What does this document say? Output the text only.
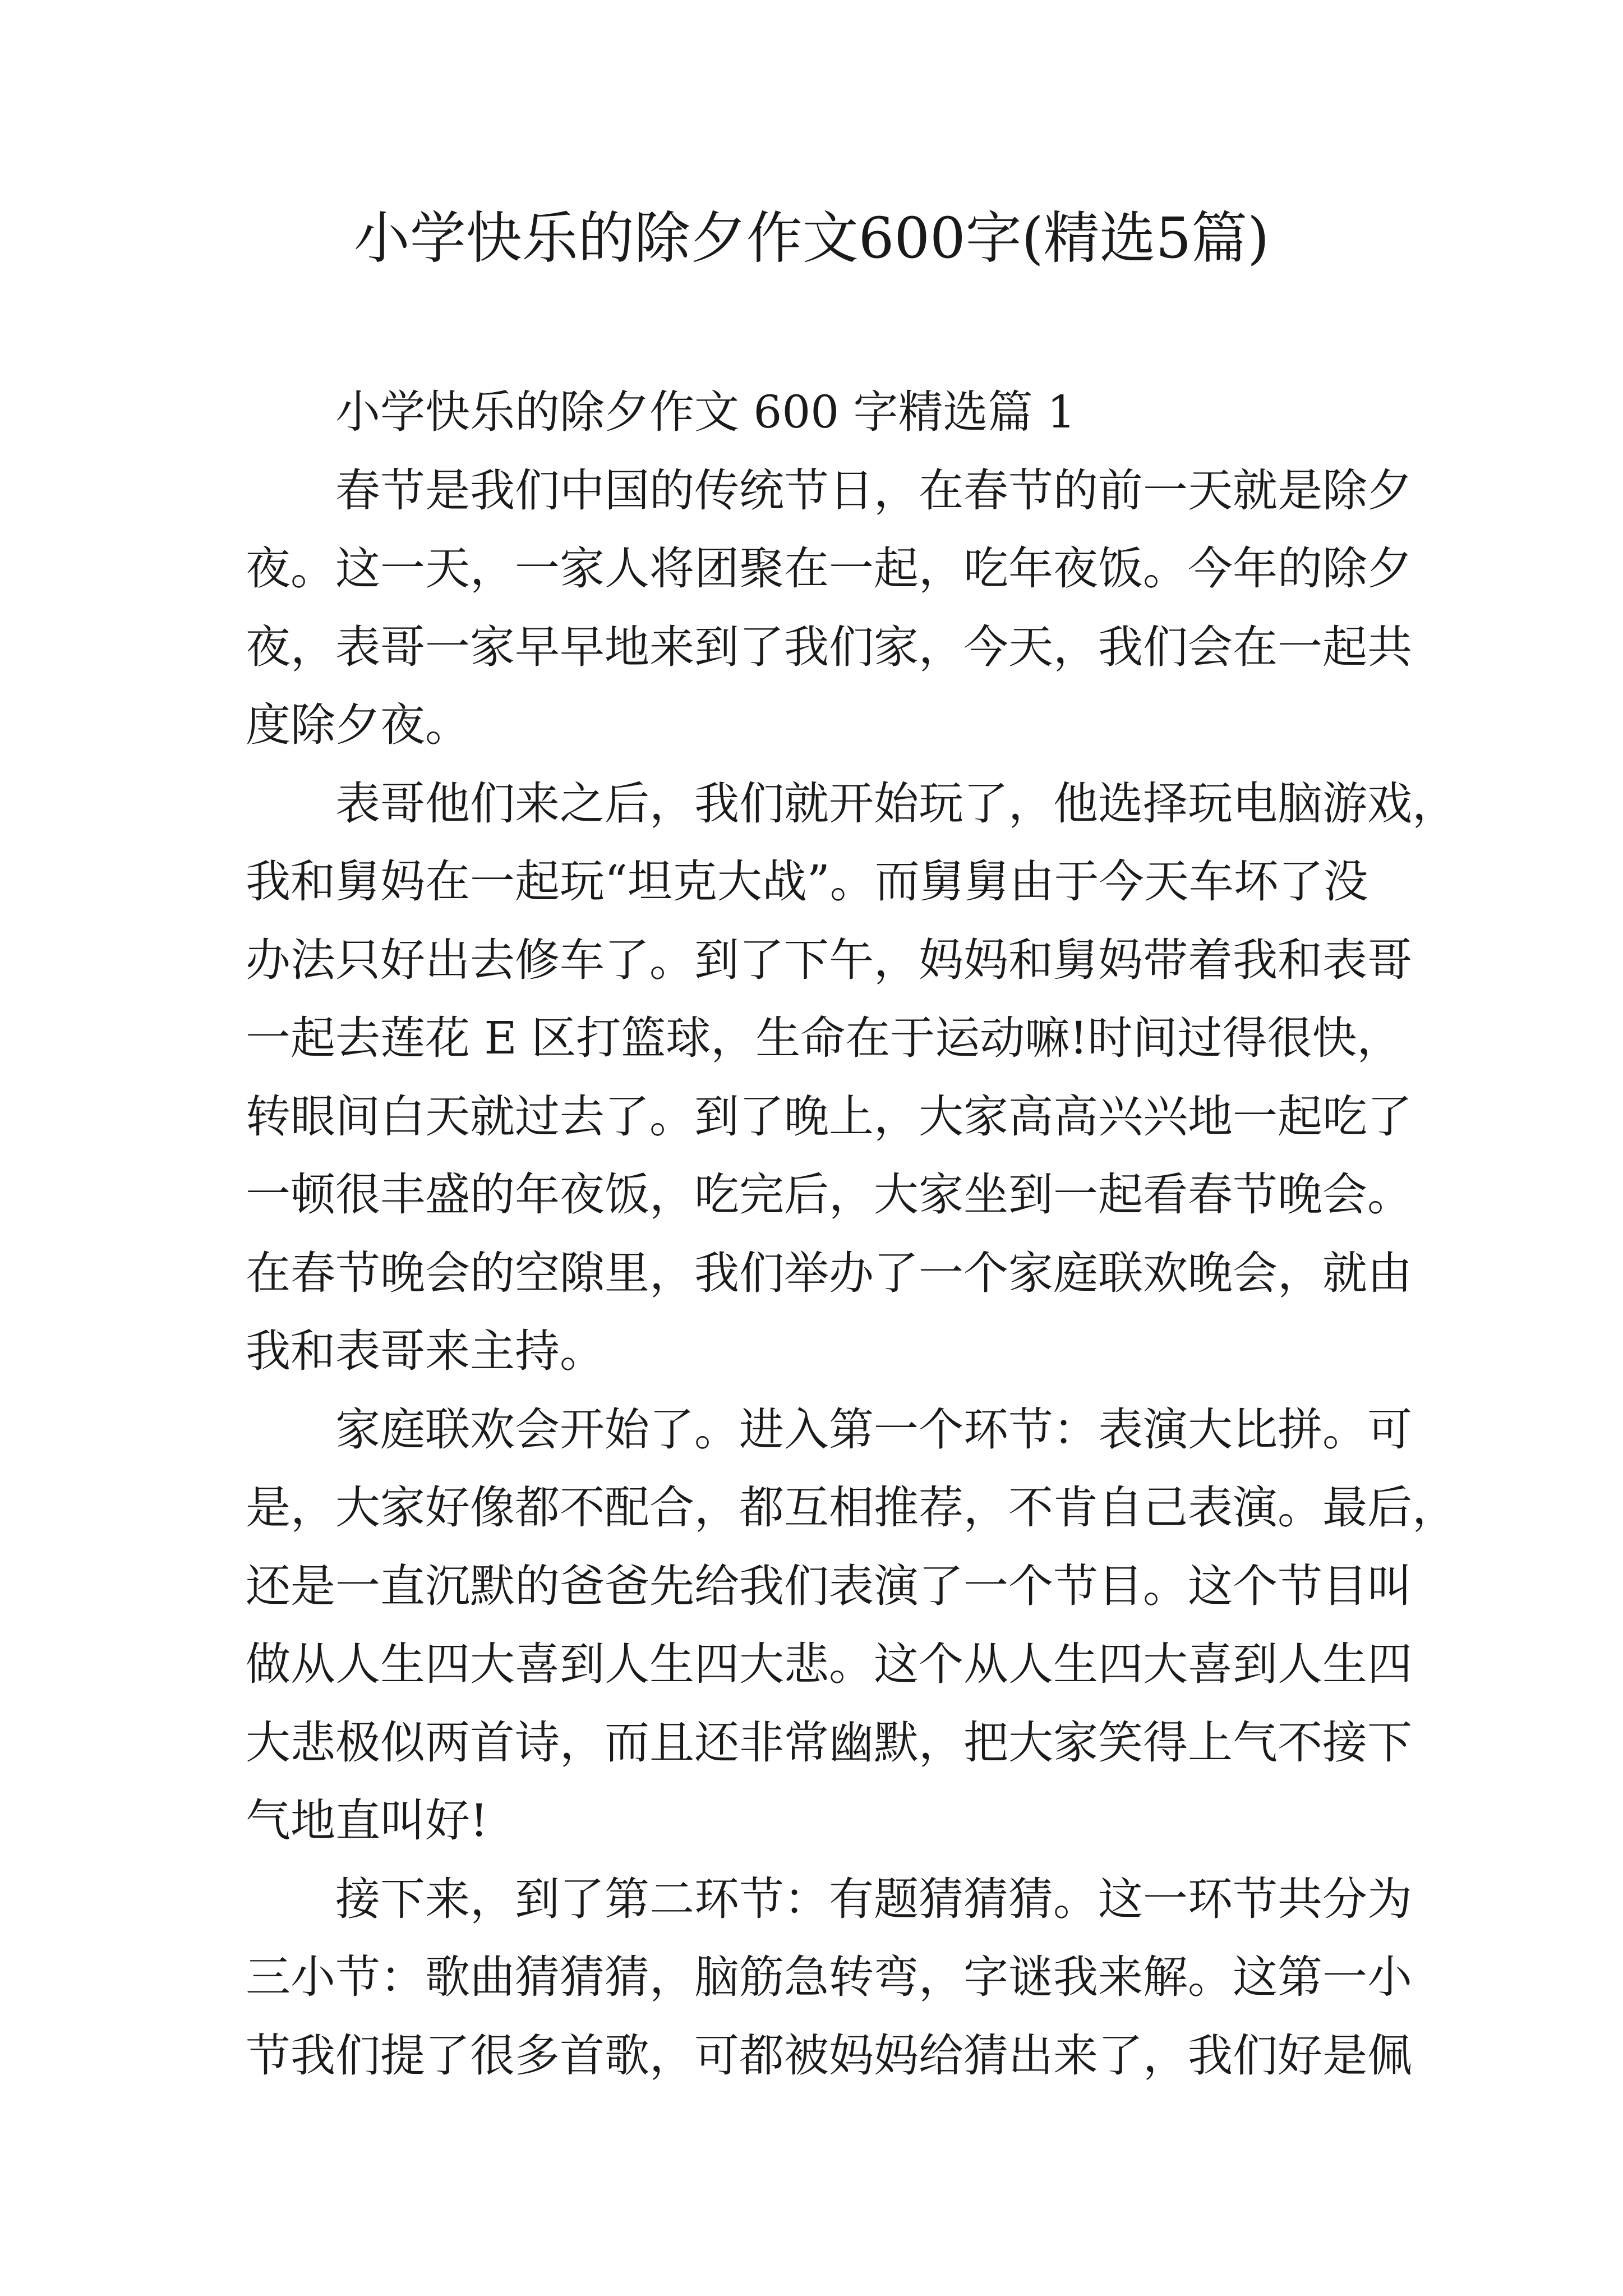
小学快乐的除夕作文600字(精选5篇)
小学快乐的除夕作文 600 字精选篇 1
春节是我们中国的传统节日，在春节的前一天就是除夕
夜。这一天，一家人将团聚在一起，吃年夜饭。今年的除夕
夜，表哥一家早早地来到了我们家，今天，我们会在一起共
度除夕夜。
表哥他们来之后，我们就开始玩了，他选择玩电脑游戏，
我和舅妈在一起玩“坦克大战”。而舅舅由于今天车坏了没
办法只好出去修车了。到了下午，妈妈和舅妈带着我和表哥
一起去莲花 E 区打篮球，生命在于运动嘛!时间过得很快，
转眼间白天就过去了。到了晚上，大家高高兴兴地一起吃了
一顿很丰盛的年夜饭，吃完后，大家坐到一起看春节晚会。
在春节晚会的空隙里，我们举办了一个家庭联欢晚会，就由
我和表哥来主持。
家庭联欢会开始了。进入第一个环节：表演大比拼。可
是，大家好像都不配合，都互相推荐，不肯自己表演。最后，
还是一直沉默的爸爸先给我们表演了一个节目。这个节目叫
做从人生四大喜到人生四大悲。这个从人生四大喜到人生四
大悲极似两首诗，而且还非常幽默，把大家笑得上气不接下
气地直叫好!
接下来，到了第二环节：有题猜猜猜。这一环节共分为
三小节：歌曲猜猜猜，脑筋急转弯，字谜我来解。这第一小
节我们提了很多首歌，可都被妈妈给猜出来了，我们好是佩
